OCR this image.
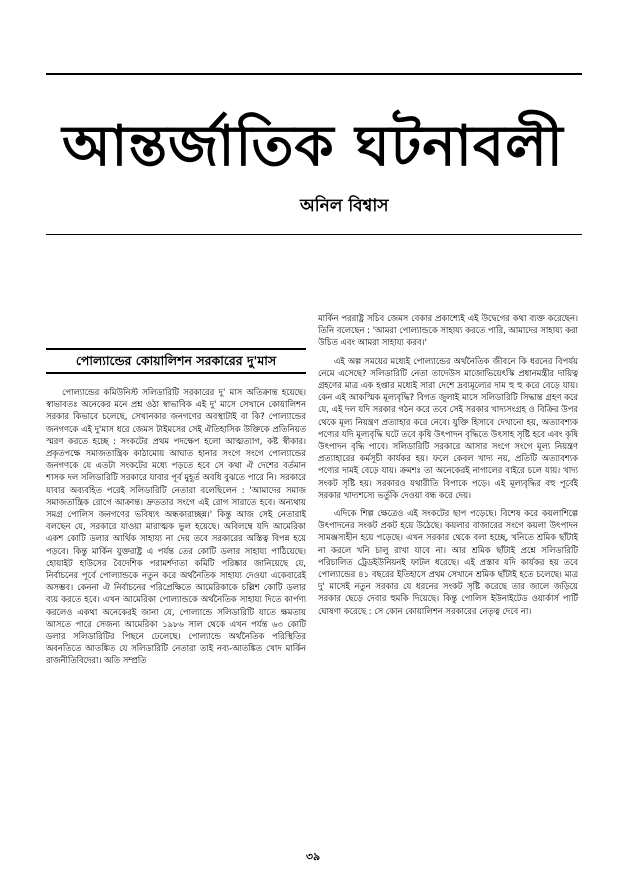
আন্তর্জাতিক ঘটনাবলী
অনিল বিশ্বাস
পোল্যান্ডের কোয়ালিশন সরকারের দু'মাস

পোল্যান্ডের কমিউনিস্ট সলিডারিটি সরকারের দু' মাস অতিক্রান্ত হয়েছে। স্বাভাবতঃ অনেকের মনে প্রশ্ন ওঠা স্বাভাবিক এই দু' মাসে সেখানে কোয়ালিশন সরকার কিভাবে চলেছে, সেখানকার জনগণের অবস্থাটাই বা কি? পোল্যান্ডের জনগণকে এই দু'মাস ধরে জেমস টাইমসের সেই ঐতিহাসিক উক্তিকে প্রতিনিয়ত স্মরণ করতে হচ্ছে : সংকটের প্রথম পদক্ষেপ হলো আত্মত্যাগ, কষ্ট স্বীকার। প্রকৃতপক্ষে সমাজতান্ত্রিক কাঠামোয় আঘাত হানার সংগে সংগে পোল্যান্ডের জনগণকে যে এতটা সংকটের মধ্যে পড়তে হবে সে কথা ঐ দেশের বর্তমান শাসক দল সলিডারিটি সরকারে যাবার পূর্ব মুহূর্ত অবধি বুঝতে পারে নি। সরকারে যাবার অব্যবহিত পরেই সলিডারিটি নেতারা বলেছিলেন : 'আমাদের সমাজ সমাজতান্ত্রিক রোগে আক্রান্ত। দ্রুততার সংগে এই রোগ সারাতে হবে। অন্যথায় সমগ্র পোলিস জনগণের ভবিষ্যৎ অন্ধকারাচ্ছন্ন।' কিন্তু আজ সেই নেতারাই বলছেন যে, সরকারে যাওয়া মারাত্মক ভুল হয়েছে। অবিলম্বে যদি আমেরিকা একশ কোটি ডলার আর্থিক সাহায্য না দেয় তবে সরকারের অস্তিত্ব বিপন্ন হয়ে পড়বে। কিন্তু মার্কিন যুক্তরাষ্ট্র এ পর্যন্ত তের কোটি ডলার সাহায্য পাঠিয়েছে। হোয়াইট হাউসের বৈদেশিক পরামর্শদাতা কমিটি পরিষ্কার জানিয়েছে যে, নির্বাচনের পূর্বে পোল্যান্ডকে নতুন করে অর্থনৈতিক সাহায্য দেওয়া একেবারেই অসম্ভব। কেননা ঐ নির্বাচনের পরিপ্রেক্ষিতে আমেরিকাকে চল্লিশ কোটি ডলার ব্যয় করতে হবে। এখন আমেরিকা পোল্যান্ডকে অর্থনৈতিক সাহায্য দিতে কার্পণ্য করলেও একথা অনেকেরই জানা যে, পোল্যান্ডে সলিডারিটি যাতে ক্ষমতায় আসতে পারে সেজন্য আমেরিকা ১৯৮৬ সাল থেকে এখন পর্যন্ত ৬৩ কোটি ডলার সলিডারিটির পিছনে ঢেলেছে। পোল্যান্ডে অর্থনৈতিক পরিস্থিতির অবনতিতে আতঙ্কিত যে সলিডারিটি নেতারা তাই নব্য-আতঙ্কিত খোদ মার্কিন রাজনীতিবিদেরা। অতি সম্প্রতি

মার্কিন পররাষ্ট্র সচিব জেমস বেকার প্রকাশ্যেই এই উদ্বেগের কথা ব্যক্ত করেছেন। তিনি বলেছেন : 'আমরা পোল্যান্ডকে সাহায্য করতে পারি, আমাদের সাহায্য করা উচিত এবং আমরা সাহায্য করব।'

এই অল্প সময়ের মধ্যেই পোল্যান্ডের অর্থনৈতিক জীবনে কি ধরনের বিপর্যয় নেমে এসেছে? সলিডারিটি নেতা তাদেউস মাজোভিয়েৎস্কি প্রধানমন্ত্রীর দায়িত্ব গ্রহণের মাত্র এক হপ্তার মধ্যেই সারা দেশে দ্রব্যমূল্যের দাম হু হু করে বেড়ে যায়। কেন এই আকস্মিক মূল্যবৃদ্ধি? বিগত জুলাই মাসে সলিডারিটি সিদ্ধান্ত গ্রহণ করে যে, এই দল যদি সরকার গঠন করে তবে সেই সরকার খাদ্যসংগ্রহ ও বিক্রির উপর থেকে মূল্য নিয়ন্ত্রণ প্রত্যাহার করে নেবে। যুক্তি হিসাবে দেখানো হয়, অত্যাবশ্যক পণ্যের যদি মূল্যবৃদ্ধি ঘটে তবে কৃষি উৎপাদন বৃদ্ধিতে উৎসাহ সৃষ্টি হবে এবং কৃষি উৎপাদন বৃদ্ধি পাবে। সলিডারিটি সরকারে আসার সংগে সংগে মূল্য নিয়ন্ত্রণ প্রত্যাহারের কর্মসূচী কার্যকর হয়। ফলে কেবল খাদ্য নয়, প্রতিটি অত্যাবশ্যক পণ্যের দামই বেড়ে যায়। ক্রমশঃ তা অনেকেরই নাগালের বাইরে চলে যায়। খাদ্য সংকট সৃষ্টি হয়। সরকারও যথারীতি বিপাকে পড়ে। এই মূল্যবৃদ্ধির বহু পূর্বেই সরকার খাদ্যশস্যে ভর্তুকি দেওয়া বন্ধ করে দেয়।

এদিকে শিল্প ক্ষেত্রেও এই সংকটের ছাপ পড়েছে। বিশেষ করে কয়লাশিল্পে উৎপাদনের সংকট প্রকট হয়ে উঠেছে। কয়লার বাজারের সংগে কয়লা উৎপাদন সামঞ্জস্যহীন হয়ে পড়েছে। এখন সরকার থেকে বলা হচ্ছে, খনিতে শ্রমিক ছাঁটাই না করলে খনি চালু রাখা যাবে না। আর শ্রমিক ছাঁটাই প্রশ্নে সলিডারিটি পরিচালিত ট্রেডইউনিয়নই ফাটল ধরেছে। এই প্রস্তাব যদি কার্যকর হয় তবে পোল্যান্ডের ৪১ বছরের ইতিহাসে প্রথম সেখানে শ্রমিক ছাঁটাই হতে চলেছে। মাত্র দু' মাসেই নতুন সরকার যে ধরনের সংকট সৃষ্টি করেছে তার জালে জড়িয়ে সরকার ছেড়ে দেবার হুমকি দিয়েছে। কিন্তু পোলিস ইউনাইটেড ওয়ার্কার্স পার্টি ঘোষণা করেছে : সে কোন কোয়ালিশন সরকারের নেতৃত্ব দেবে না।

৩৯
